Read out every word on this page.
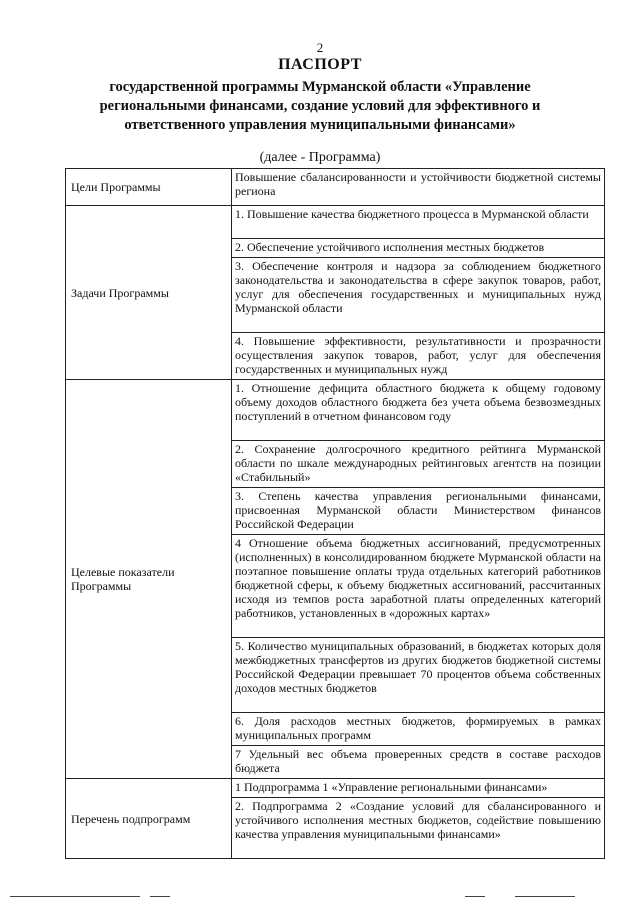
2
ПАСПОРТ
государственной программы Мурманской области «Управление региональными финансами, создание условий для эффективного и ответственного управления муниципальными финансами»
(далее - Программа)
Цели Программы	Повышение сбалансированности и устойчивости бюджетной системы региона
Задачи Программы	1. Повышение качества бюджетного процесса в Мурманской области
	2. Обеспечение устойчивого исполнения местных бюджетов
	3. Обеспечение контроля и надзора за соблюдением бюджетного законодательства и законодательства в сфере закупок товаров, работ, услуг для обеспечения государственных и муниципальных нужд Мурманской области
	4. Повышение эффективности, результативности и прозрачности осуществления закупок товаров, работ, услуг для обеспечения государственных и муниципальных нужд
Целевые показатели Программы	1. Отношение дефицита областного бюджета к общему годовому объему доходов областного бюджета без учета объема безвозмездных поступлений в отчетном финансовом году
	2. Сохранение долгосрочного кредитного рейтинга Мурманской области по шкале международных рейтинговых агентств на позиции «Стабильный»
	3. Степень качества управления региональными финансами, присвоенная Мурманской области Министерством финансов Российской Федерации
	4 Отношение объема бюджетных ассигнований, предусмотренных (исполненных) в консолидированном бюджете Мурманской области на поэтапное повышение оплаты труда отдельных категорий работников бюджетной сферы, к объему бюджетных ассигнований, рассчитанных исходя из темпов роста заработной платы определенных категорий работников, установленных в «дорожных картах»
	5. Количество муниципальных образований, в бюджетах которых доля межбюджетных трансфертов из других бюджетов бюджетной системы Российской Федерации превышает 70 процентов объема собственных доходов местных бюджетов
	6. Доля расходов местных бюджетов, формируемых в рамках муниципальных программ
	7 Удельный вес объема проверенных средств в составе расходов бюджета
Перечень подпрограмм	1 Подпрограмма 1 «Управление региональными финансами»
	2. Подпрограмма 2 «Создание условий для сбалансированного и устойчивого исполнения местных бюджетов, содействие повышению качества управления муниципальными финансами»
